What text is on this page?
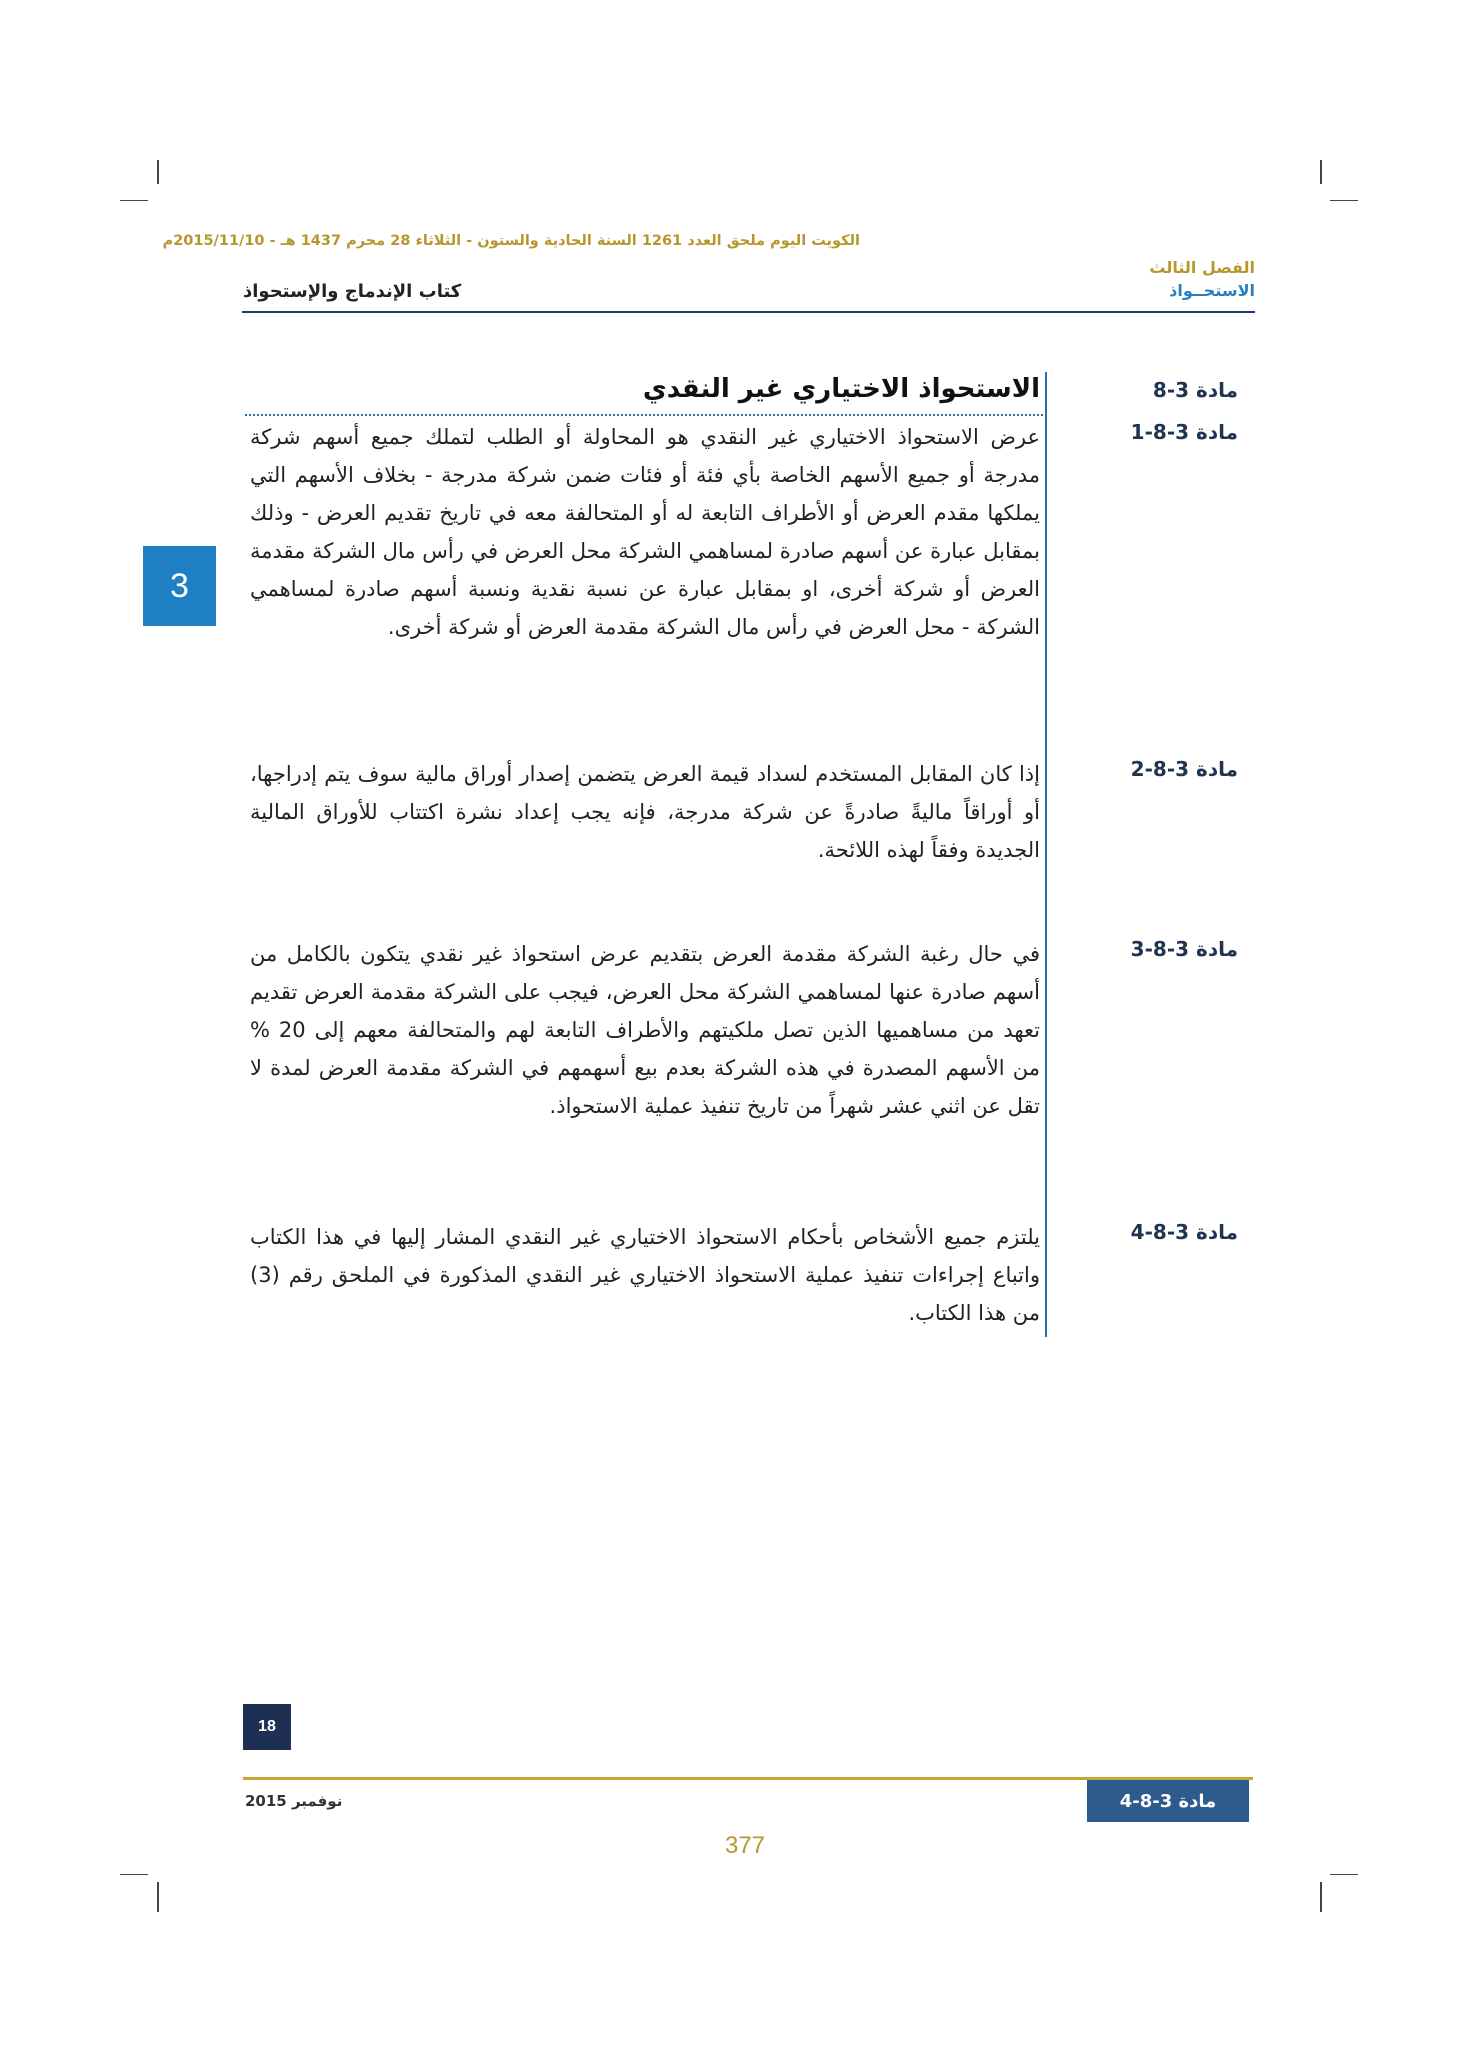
الكويت اليوم ملحق العدد 1261 السنة الحادية والستون - الثلاثاء 28 محرم 1437 هـ - 2015/11/10م
الفصل الثالث
الاستحــواذ
كتاب الإندماج والإستحواذ
3
مادة 3-8
الاستحواذ الاختياري غير النقدي
مادة 3-8-1
عرض الاستحواذ الاختياري غير النقدي هو المحاولة أو الطلب لتملك جميع أسهم شركة مدرجة أو جميع الأسهم الخاصة بأي فئة أو فئات ضمن شركة مدرجة - بخلاف الأسهم التي يملكها مقدم العرض أو الأطراف التابعة له أو المتحالفة معه في تاريخ تقديم العرض - وذلك بمقابل عبارة عن أسهم صادرة لمساهمي الشركة محل العرض في رأس مال الشركة مقدمة العرض أو شركة أخرى، او بمقابل عبارة عن نسبة نقدية ونسبة أسهم صادرة لمساهمي الشركة - محل العرض في رأس مال الشركة مقدمة العرض أو شركة أخرى.
مادة 3-8-2
إذا كان المقابل المستخدم لسداد قيمة العرض يتضمن إصدار أوراق مالية سوف يتم إدراجها، أو أوراقاً ماليةً صادرةً عن شركة مدرجة، فإنه يجب إعداد نشرة اكتتاب للأوراق المالية الجديدة وفقاً لهذه اللائحة.
مادة 3-8-3
في حال رغبة الشركة مقدمة العرض بتقديم عرض استحواذ غير نقدي يتكون بالكامل من أسهم صادرة عنها لمساهمي الشركة محل العرض، فيجب على الشركة مقدمة العرض تقديم تعهد من مساهميها الذين تصل ملكيتهم والأطراف التابعة لهم والمتحالفة معهم إلى 20 % من الأسهم المصدرة في هذه الشركة بعدم بيع أسهمهم في الشركة مقدمة العرض لمدة لا تقل عن اثني عشر شهراً من تاريخ تنفيذ عملية الاستحواذ.
مادة 3-8-4
يلتزم جميع الأشخاص بأحكام الاستحواذ الاختياري غير النقدي المشار إليها في هذا الكتاب واتباع إجراءات تنفيذ عملية الاستحواذ الاختياري غير النقدي المذكورة في الملحق رقم (3) من هذا الكتاب.
18
نوفمبر 2015	مادة 3-8-4
377
